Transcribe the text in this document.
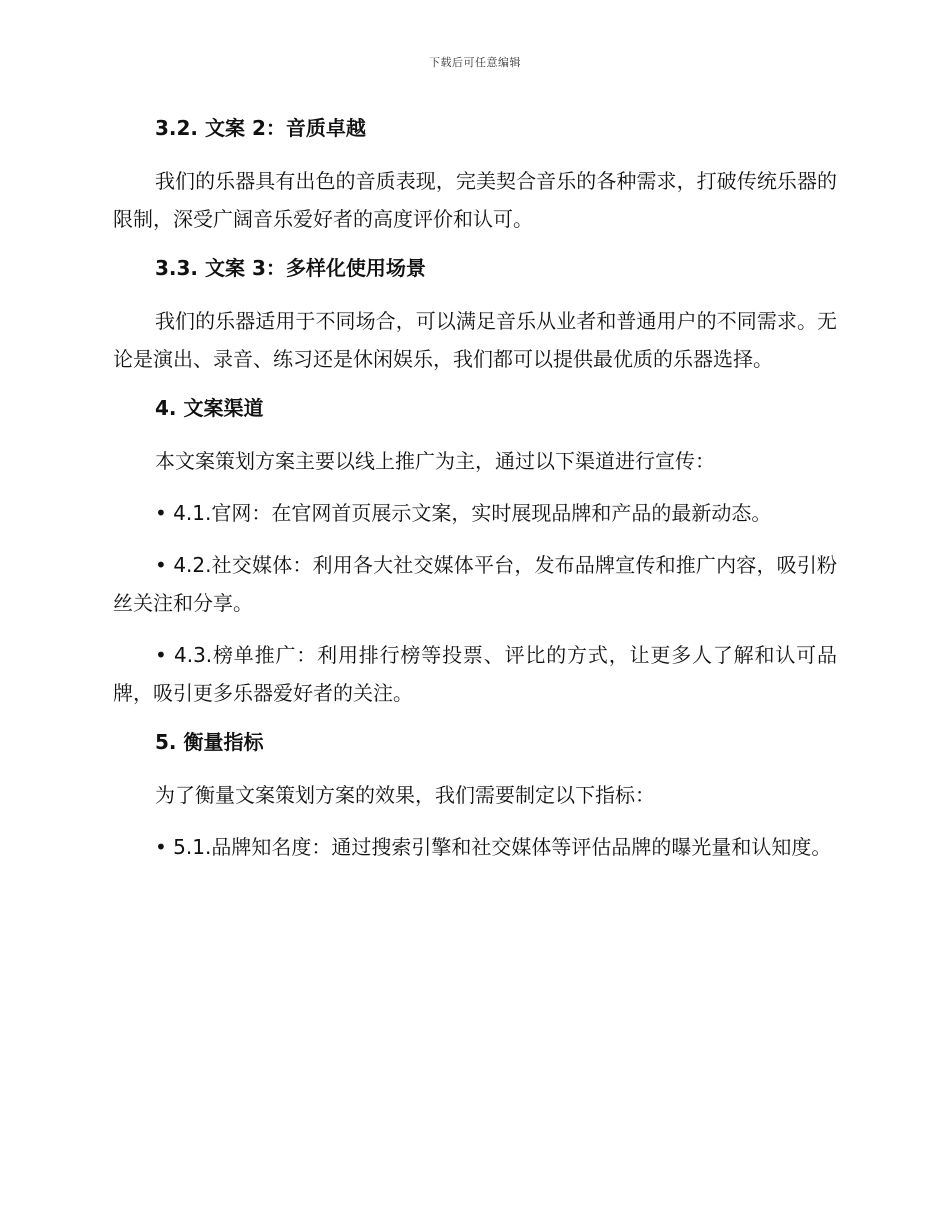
下载后可任意编辑
3.2. 文案 2：音质卓越

我们的乐器具有出色的音质表现，完美契合音乐的各种需求，打破传统乐器的限制，深受广阔音乐爱好者的高度评价和认可。

3.3. 文案 3：多样化使用场景

我们的乐器适用于不同场合，可以满足音乐从业者和普通用户的不同需求。无论是演出、录音、练习还是休闲娱乐，我们都可以提供最优质的乐器选择。

4. 文案渠道

本文案策划方案主要以线上推广为主，通过以下渠道进行宣传：

• 4.1.官网：在官网首页展示文案，实时展现品牌和产品的最新动态。

• 4.2.社交媒体：利用各大社交媒体平台，发布品牌宣传和推广内容，吸引粉丝关注和分享。

• 4.3.榜单推广：利用排行榜等投票、评比的方式，让更多人了解和认可品牌，吸引更多乐器爱好者的关注。

5. 衡量指标

为了衡量文案策划方案的效果，我们需要制定以下指标：

• 5.1.品牌知名度：通过搜索引擎和社交媒体等评估品牌的曝光量和认知度。
